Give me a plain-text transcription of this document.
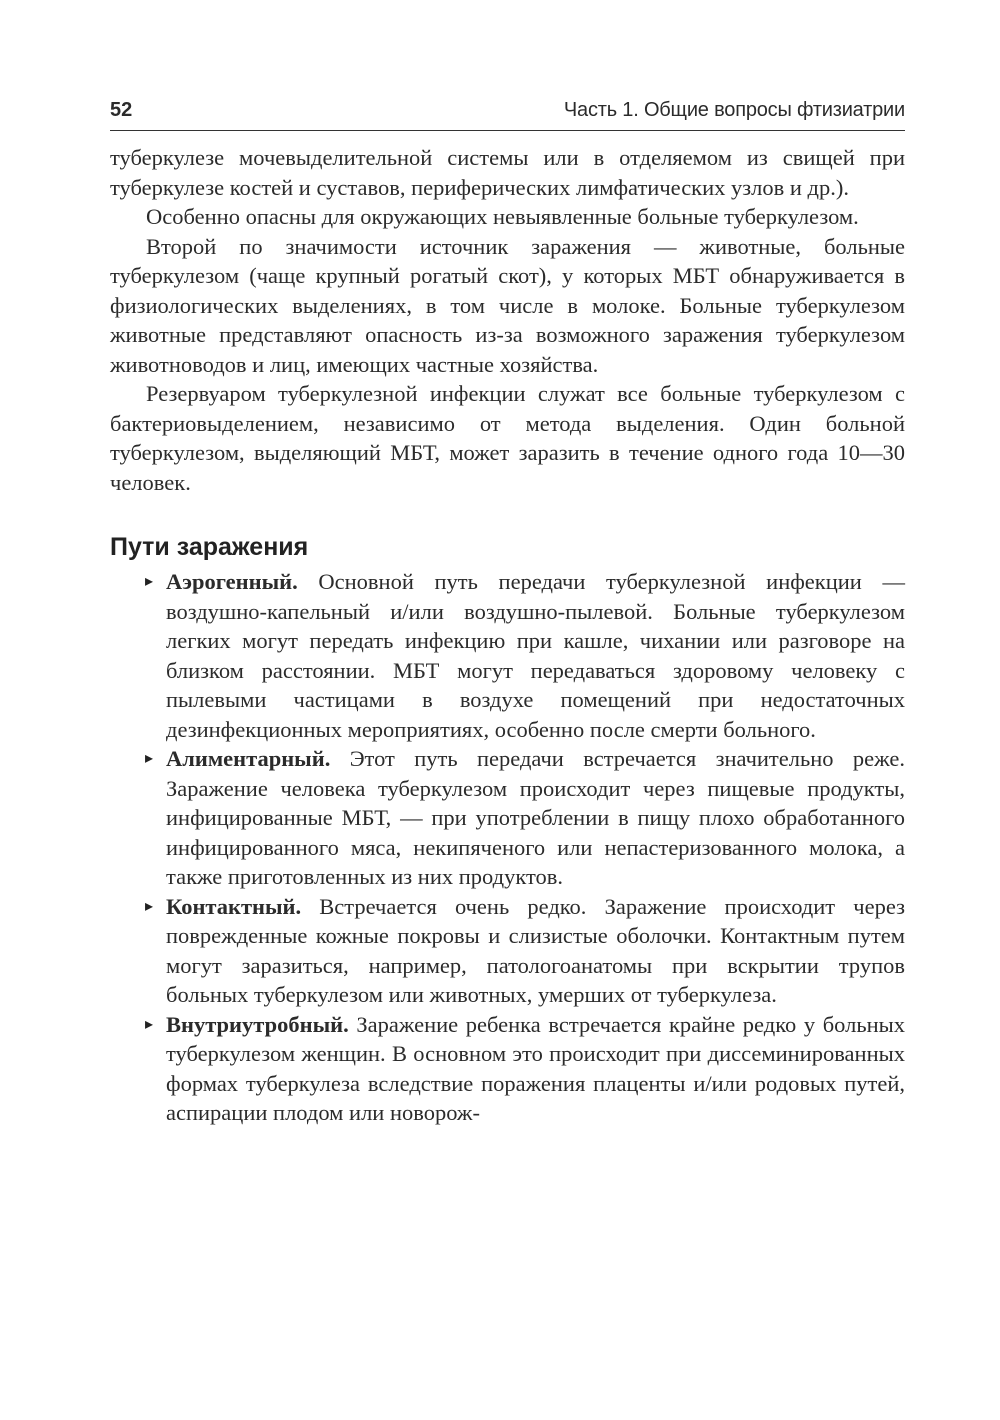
52	Часть 1. Общие вопросы фтизиатрии

туберкулезе мочевыделительной системы или в отделяемом из свищей при туберкулезе костей и суставов, периферических лимфатических узлов и др.).

Особенно опасны для окружающих невыявленные больные туберкулезом.

Второй по значимости источник заражения — животные, больные туберкулезом (чаще крупный рогатый скот), у которых МБТ обнаруживается в физиологических выделениях, в том числе в молоке. Больные туберкулезом животные представляют опасность из-за возможного заражения туберкулезом животноводов и лиц, имеющих частные хозяйства.

Резервуаром туберкулезной инфекции служат все больные туберкулезом с бактериовыделением, независимо от метода выделения. Один больной туберкулезом, выделяющий МБТ, может заразить в течение одного года 10—30 человек.

Пути заражения
▸ Аэрогенный. Основной путь передачи туберкулезной инфекции — воздушно-капельный и/или воздушно-пылевой. Больные туберкулезом легких могут передать инфекцию при кашле, чихании или разговоре на близком расстоянии. МБТ могут передаваться здоровому человеку с пылевыми частицами в воздухе помещений при недостаточных дезинфекционных мероприятиях, особенно после смерти больного.
▸ Алиментарный. Этот путь передачи встречается значительно реже. Заражение человека туберкулезом происходит через пищевые продукты, инфицированные МБТ, — при употреблении в пищу плохо обработанного инфицированного мяса, некипяченого или непастеризованного молока, а также приготовленных из них продуктов.
▸ Контактный. Встречается очень редко. Заражение происходит через поврежденные кожные покровы и слизистые оболочки. Контактным путем могут заразиться, например, патологоанатомы при вскрытии трупов больных туберкулезом или животных, умерших от туберкулеза.
▸ Внутриутробный. Заражение ребенка встречается крайне редко у больных туберкулезом женщин. В основном это происходит при диссеминированных формах туберкулеза вследствие поражения плаценты и/или родовых путей, аспирации плодом или новорож-
